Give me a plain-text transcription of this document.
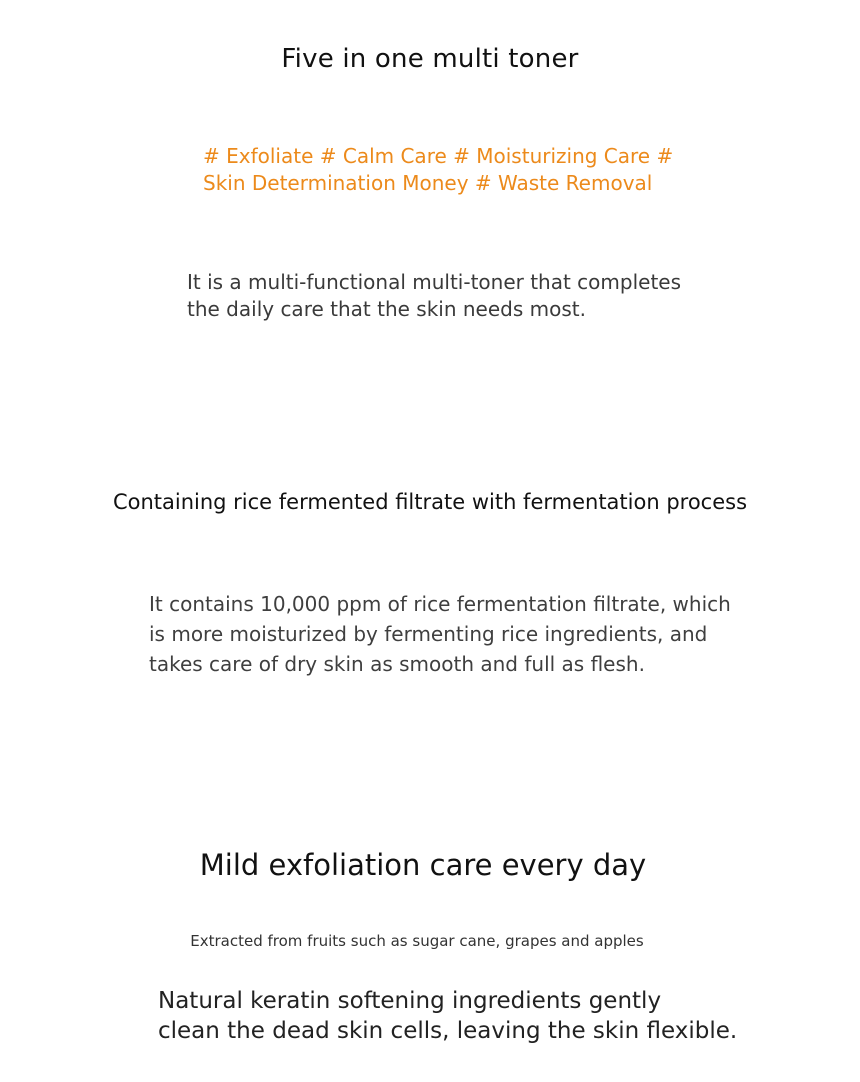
Five in one multi toner
# Exfoliate # Calm Care # Moisturizing Care #
Skin Determination Money # Waste Removal
It is a multi-functional multi-toner that completes
the daily care that the skin needs most.
Containing rice fermented filtrate with fermentation process
It contains 10,000 ppm of rice fermentation filtrate, which
is more moisturized by fermenting rice ingredients, and
takes care of dry skin as smooth and full as flesh.
Mild exfoliation care every day
Extracted from fruits such as sugar cane, grapes and apples
Natural keratin softening ingredients gently
clean the dead skin cells, leaving the skin flexible.
